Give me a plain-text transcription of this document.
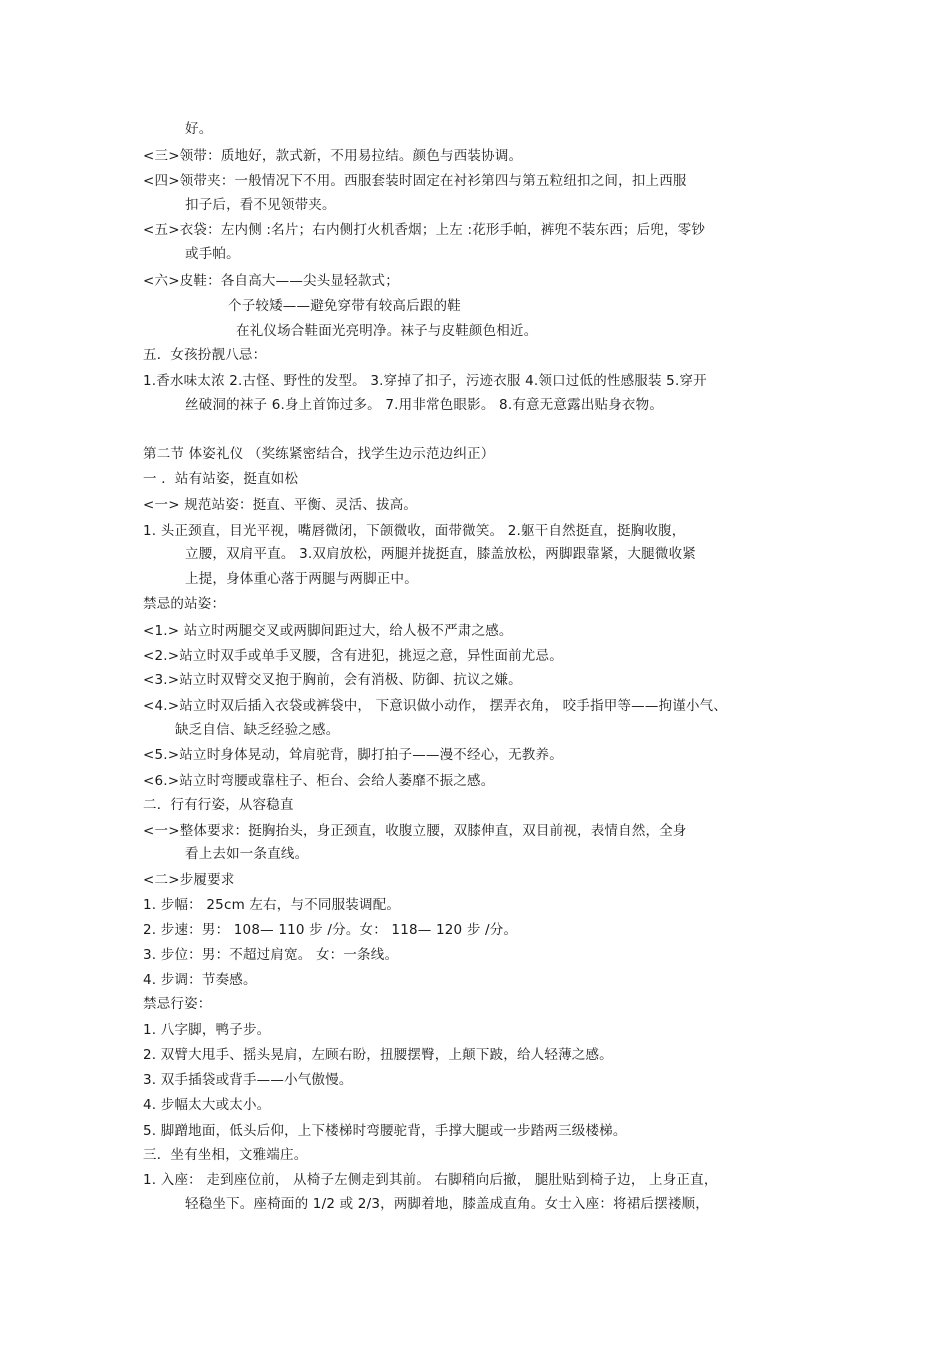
好。
<三>领带：质地好，款式新，不用易拉结。颜色与西装协调。
<四>领带夹：一般情况下不用。西服套装时固定在衬衫第四与第五粒纽扣之间，扣上西服
扣子后，看不见领带夹。
<五>衣袋：左内侧 :名片；右内侧打火机香烟；上左 :花形手帕，裤兜不装东西；后兜，零钞
或手帕。
<六>皮鞋：各自高大——尖头显轻款式；
个子较矮——避免穿带有较高后跟的鞋
在礼仪场合鞋面光亮明净。袜子与皮鞋颜色相近。
五．女孩扮靓八忌：
1.香水味太浓 2.古怪、野性的发型。 3.穿掉了扣子，污迹衣服 4.领口过低的性感服装 5.穿开
丝破洞的袜子 6.身上首饰过多。 7.用非常色眼影。 8.有意无意露出贴身衣物。
第二节 体姿礼仪 （奖练紧密结合，找学生边示范边纠正）
一 ．站有站姿，挺直如松
<一> 规范站姿：挺直、平衡、灵活、拔高。
1. 头正颈直，目光平视，嘴唇微闭，下颌微收，面带微笑。 2.躯干自然挺直，挺胸收腹，
立腰，双肩平直。 3.双肩放松，两腿并拢挺直，膝盖放松，两脚跟靠紧，大腿微收紧
上提，身体重心落于两腿与两脚正中。
禁忌的站姿：
<1.> 站立时两腿交叉或两脚间距过大，给人极不严肃之感。
<2.>站立时双手或单手叉腰，含有进犯，挑逗之意，异性面前尤忌。
<3.>站立时双臂交叉抱于胸前，会有消极、防御、抗议之嫌。
<4.>站立时双后插入衣袋或裤袋中， 下意识做小动作， 摆弄衣角， 咬手指甲等——拘谨小气、
缺乏自信、缺乏经验之感。
<5.>站立时身体晃动，耸肩驼背，脚打拍子——漫不经心，无教养。
<6.>站立时弯腰或靠柱子、柜台、会给人萎靡不振之感。
二．行有行姿，从容稳直
<一>整体要求：挺胸抬头，身正颈直，收腹立腰，双膝伸直，双目前视，表情自然，全身
看上去如一条直线。
<二>步履要求
1. 步幅： 25cm 左右，与不同服装调配。
2. 步速：男： 108— 110 步 /分。女： 118— 120 步 /分。
3. 步位：男：不超过肩宽。 女：一条线。
4. 步调：节奏感。
禁忌行姿：
1. 八字脚，鸭子步。
2. 双臂大甩手、摇头晃肩，左顾右盼，扭腰摆臀，上颠下跛，给人轻薄之感。
3. 双手插袋或背手——小气傲慢。
4. 步幅太大或太小。
5. 脚蹭地面，低头后仰，上下楼梯时弯腰驼背，手撑大腿或一步踏两三级楼梯。
三．坐有坐相，文雅端庄。
1. 入座： 走到座位前， 从椅子左侧走到其前。 右脚稍向后撤， 腿肚贴到椅子边， 上身正直，
轻稳坐下。座椅面的 1/2 或 2/3，两脚着地，膝盖成直角。女士入座：将裙后摆褛顺，
